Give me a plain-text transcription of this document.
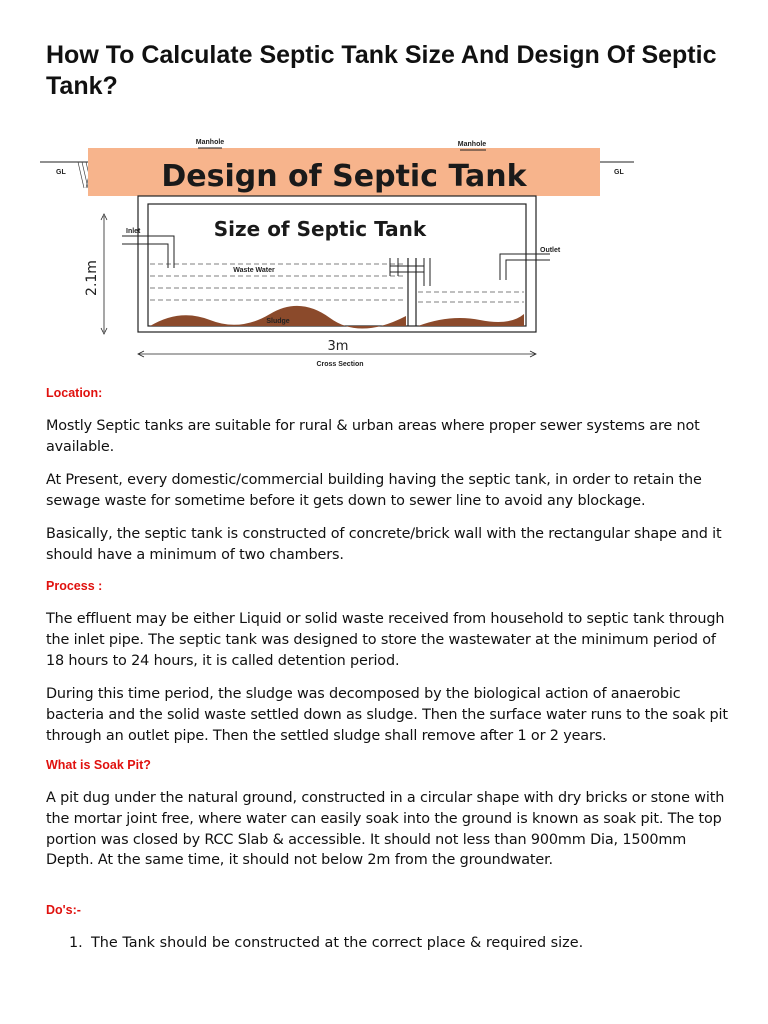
How To Calculate Septic Tank Size And Design Of Septic Tank?
GL	GL
Design of Septic Tank
Manhole	Manhole
Size of Septic Tank
Waste Water
Sludge
Inlet
Outlet
2.1m
3m
Cross Section
Location:

Mostly Septic tanks are suitable for rural & urban areas where proper sewer systems are not available.

At Present, every domestic/commercial building having the septic tank, in order to retain the sewage waste for sometime before it gets down to sewer line to avoid any blockage.

Basically, the septic tank is constructed of concrete/brick wall with the rectangular shape and it should have a minimum of two chambers.

Process :

The effluent may be either Liquid or solid waste received from household to septic tank through the inlet pipe. The septic tank was designed to store the wastewater at the minimum period of 18 hours to 24 hours, it is called detention period.

During this time period, the sludge was decomposed by the biological action of anaerobic bacteria and the solid waste settled down as sludge. Then the surface water runs to the soak pit through an outlet pipe. Then the settled sludge shall remove after 1 or 2 years.

What is Soak Pit?

A pit dug under the natural ground, constructed in a circular shape with dry bricks or stone with the mortar joint free, where water can easily soak into the ground is known as soak pit. The top portion was closed by RCC Slab & accessible. It should not less than 900mm Dia, 1500mm Depth. At the same time, it should not below 2m from the groundwater.

Do's:-
1. The Tank should be constructed at the correct place & required size.
